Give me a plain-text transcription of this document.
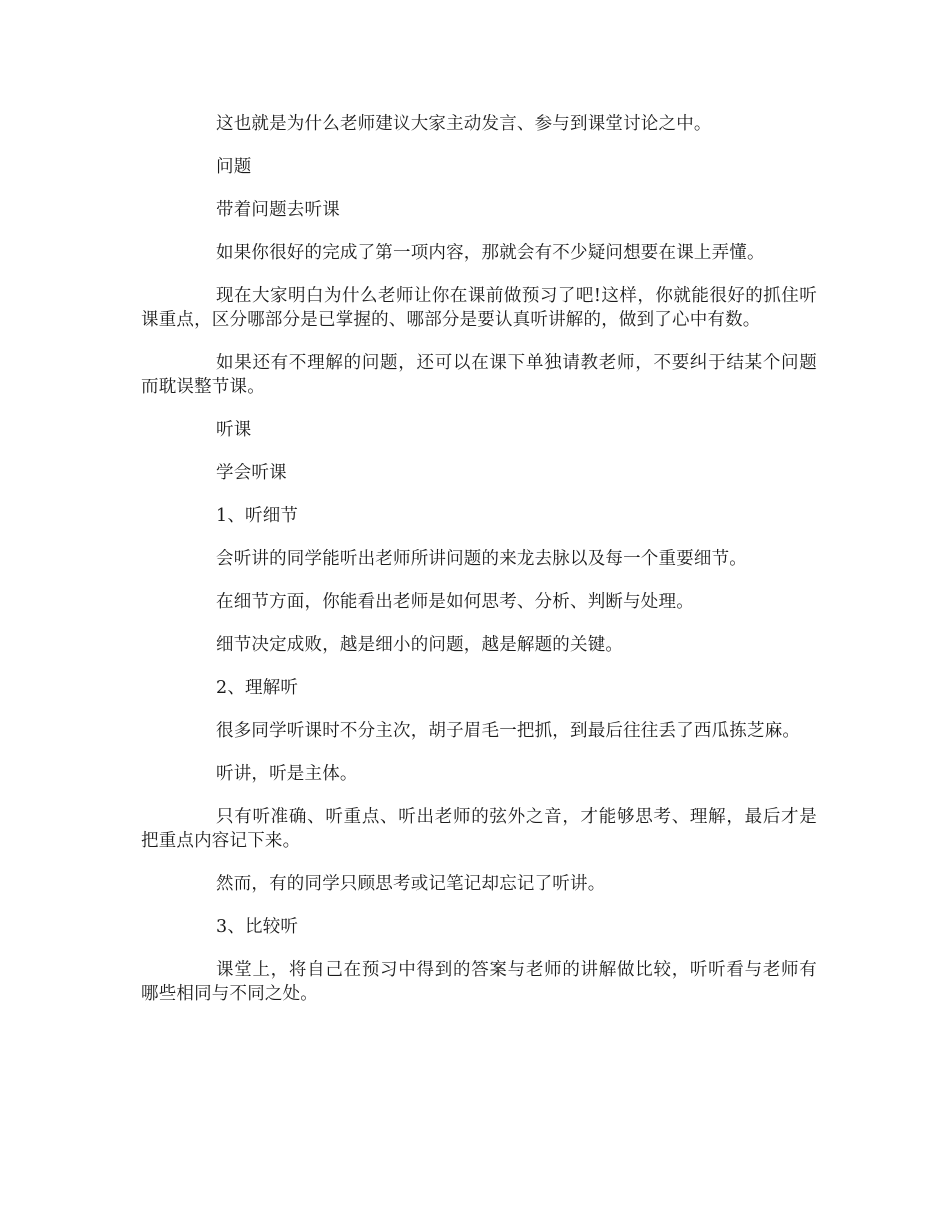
这也就是为什么老师建议大家主动发言、参与到课堂讨论之中。

问题

带着问题去听课

如果你很好的完成了第一项内容，那就会有不少疑问想要在课上弄懂。

现在大家明白为什么老师让你在课前做预习了吧!这样，你就能很好的抓住听课重点，区分哪部分是已掌握的、哪部分是要认真听讲解的，做到了心中有数。

如果还有不理解的问题，还可以在课下单独请教老师，不要纠于结某个问题而耽误整节课。

听课

学会听课

1、听细节

会听讲的同学能听出老师所讲问题的来龙去脉以及每一个重要细节。

在细节方面，你能看出老师是如何思考、分析、判断与处理。

细节决定成败，越是细小的问题，越是解题的关键。

2、理解听

很多同学听课时不分主次，胡子眉毛一把抓，到最后往往丢了西瓜拣芝麻。

听讲，听是主体。

只有听准确、听重点、听出老师的弦外之音，才能够思考、理解，最后才是把重点内容记下来。

然而，有的同学只顾思考或记笔记却忘记了听讲。

3、比较听

课堂上，将自己在预习中得到的答案与老师的讲解做比较，听听看与老师有哪些相同与不同之处。
